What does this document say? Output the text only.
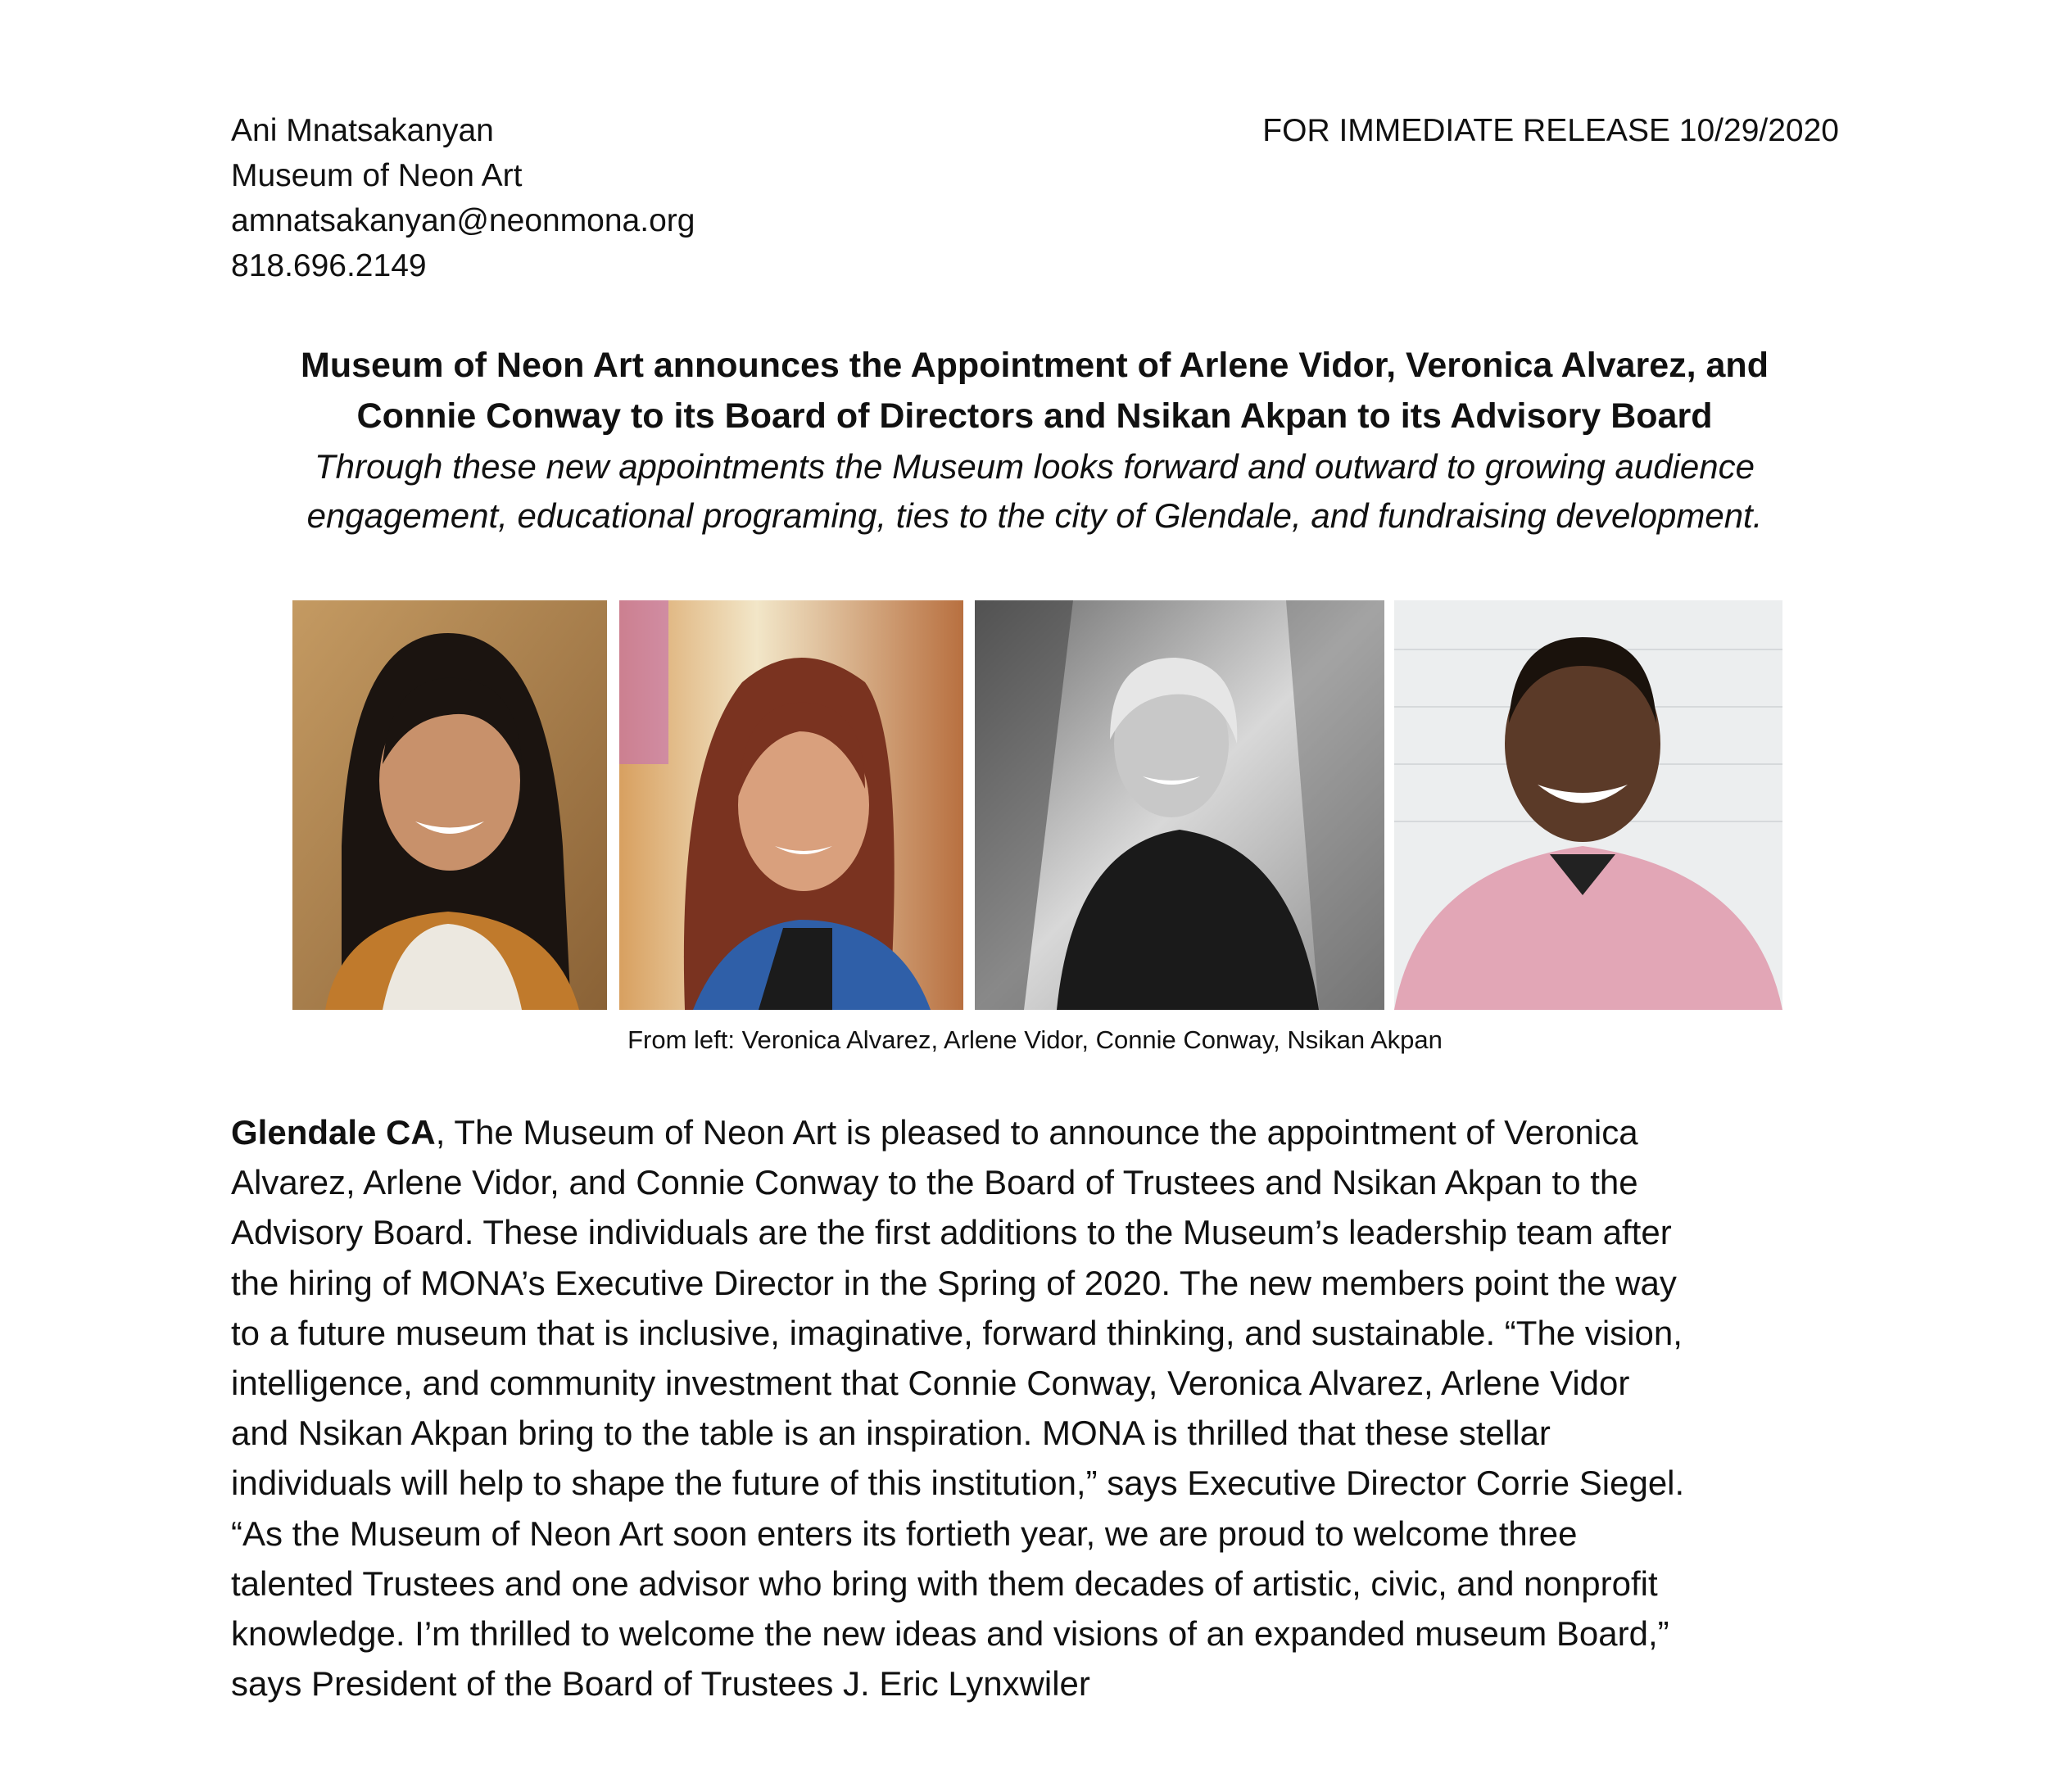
Ani Mnatsakanyan
Museum of Neon Art
amnatsakanyan@neonmona.org
818.696.2149
FOR IMMEDIATE RELEASE 10/29/2020
Museum of Neon Art announces the Appointment of Arlene Vidor, Veronica Alvarez, and
Connie Conway to its Board of Directors and Nsikan Akpan to its Advisory Board
Through these new appointments the Museum looks forward and outward to growing audience
engagement, educational programing, ties to the city of Glendale, and fundraising development.
From left: Veronica Alvarez, Arlene Vidor, Connie Conway, Nsikan Akpan
Glendale CA, The Museum of Neon Art is pleased to announce the appointment of Veronica
Alvarez, Arlene Vidor, and Connie Conway to the Board of Trustees and Nsikan Akpan to the
Advisory Board. These individuals are the first additions to the Museum’s leadership team after
the hiring of MONA’s Executive Director in the Spring of 2020. The new members point the way
to a future museum that is inclusive, imaginative, forward thinking, and sustainable. “The vision,
intelligence, and community investment that Connie Conway, Veronica Alvarez, Arlene Vidor
and Nsikan Akpan bring to the table is an inspiration. MONA is thrilled that these stellar
individuals will help to shape the future of this institution,” says Executive Director Corrie Siegel.
“As the Museum of Neon Art soon enters its fortieth year, we are proud to welcome three
talented Trustees and one advisor who bring with them decades of artistic, civic, and nonprofit
knowledge. I’m thrilled to welcome the new ideas and visions of an expanded museum Board,”
says President of the Board of Trustees J. Eric Lynxwiler
